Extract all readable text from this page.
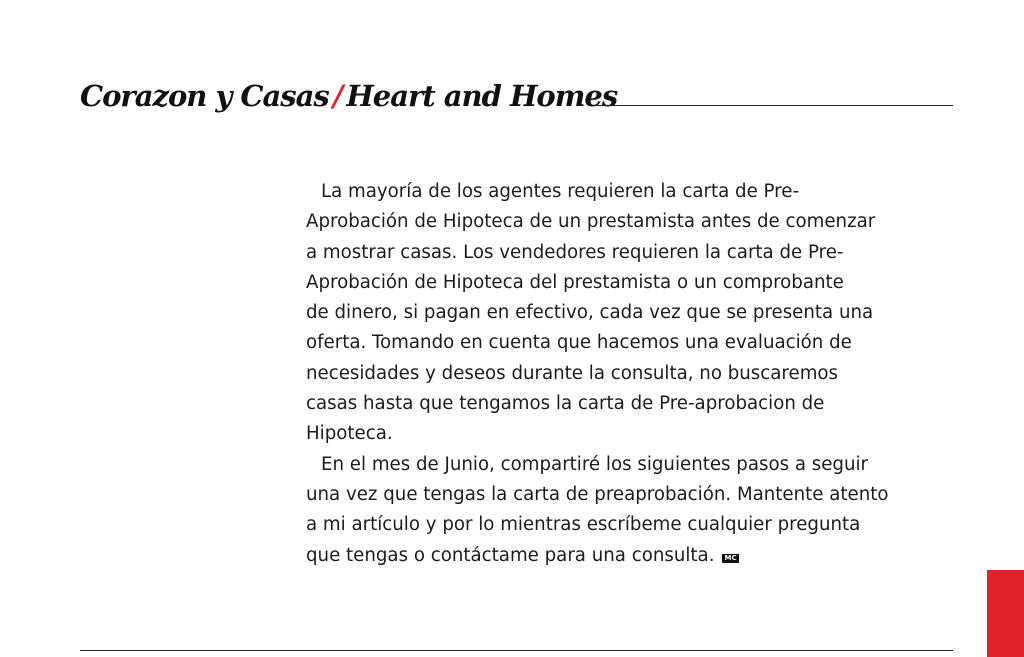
Corazon y Casas / Heart and Homes
La mayoría de los agentes requieren la carta de Pre-
Aprobación de Hipoteca de un prestamista antes de comenzar
a mostrar casas. Los vendedores requieren la carta de Pre-
Aprobación de Hipoteca del prestamista o un comprobante
de dinero, si pagan en efectivo, cada vez que se presenta una
oferta. Tomando en cuenta que hacemos una evaluación de
necesidades y deseos durante la consulta, no buscaremos
casas hasta que tengamos la carta de Pre-aprobacion de
Hipoteca.
En el mes de Junio, compartiré los siguientes pasos a seguir
una vez que tengas la carta de preaprobación. Mantente atento
a mi artículo y por lo mientras escríbeme cualquier pregunta
que tengas o contáctame para una consulta. MC
